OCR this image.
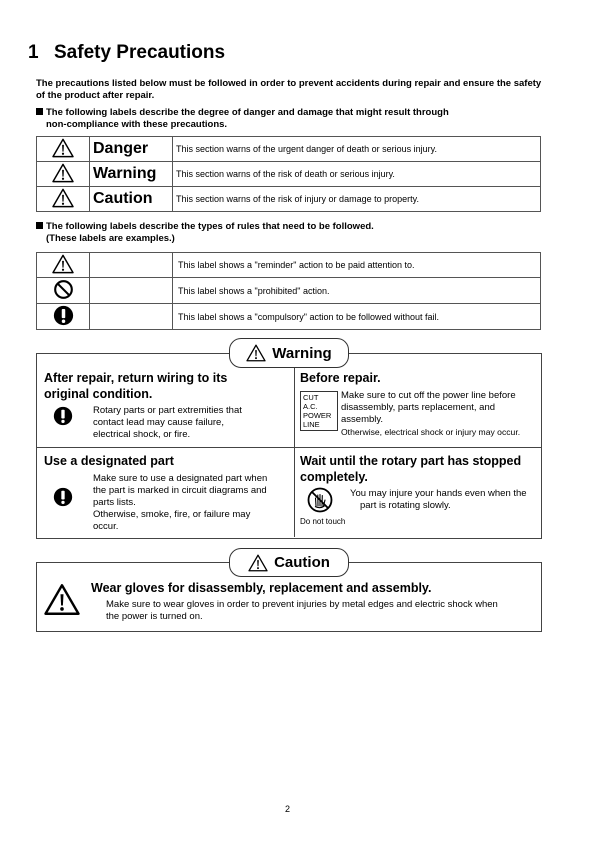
1 Safety Precautions
The precautions listed below must be followed in order to prevent accidents during repair and ensure the safety of the product after repair.
The following labels describe the degree of danger and damage that might result through
non-compliance with these precautions.
	Danger	This section warns of the urgent danger of death or serious injury.
	Warning	This section warns of the risk of death or serious injury.
	Caution	This section warns of the risk of injury or damage to property.
The following labels describe the types of rules that need to be followed.
(These labels are examples.)
		This label shows a "reminder" action to be paid attention to.
		This label shows a "prohibited" action.
		This label shows a "compulsory" action to be followed without fail.
Warning
After repair, return wiring to its
original condition.
Rotary parts or part extremities that
contact lead may cause failure,
electrical shock, or fire.
Before repair.
CUT
A.C.
POWER
LINE
Make sure to cut off the power line before
disassembly, parts replacement, and
assembly.
Otherwise, electrical shock or injury may occur.
Use a designated part
Make sure to use a designated part when
the part is marked in circuit diagrams and
parts lists.
Otherwise, smoke, fire, or failure may
occur.
Wait until the rotary part has stopped
completely.
You may injure your hands even when the
part is rotating slowly.
Do not touch
Caution
Wear gloves for disassembly, replacement and assembly.
Make sure to wear gloves in order to prevent injuries by metal edges and electric shock when
the power is turned on.
2
